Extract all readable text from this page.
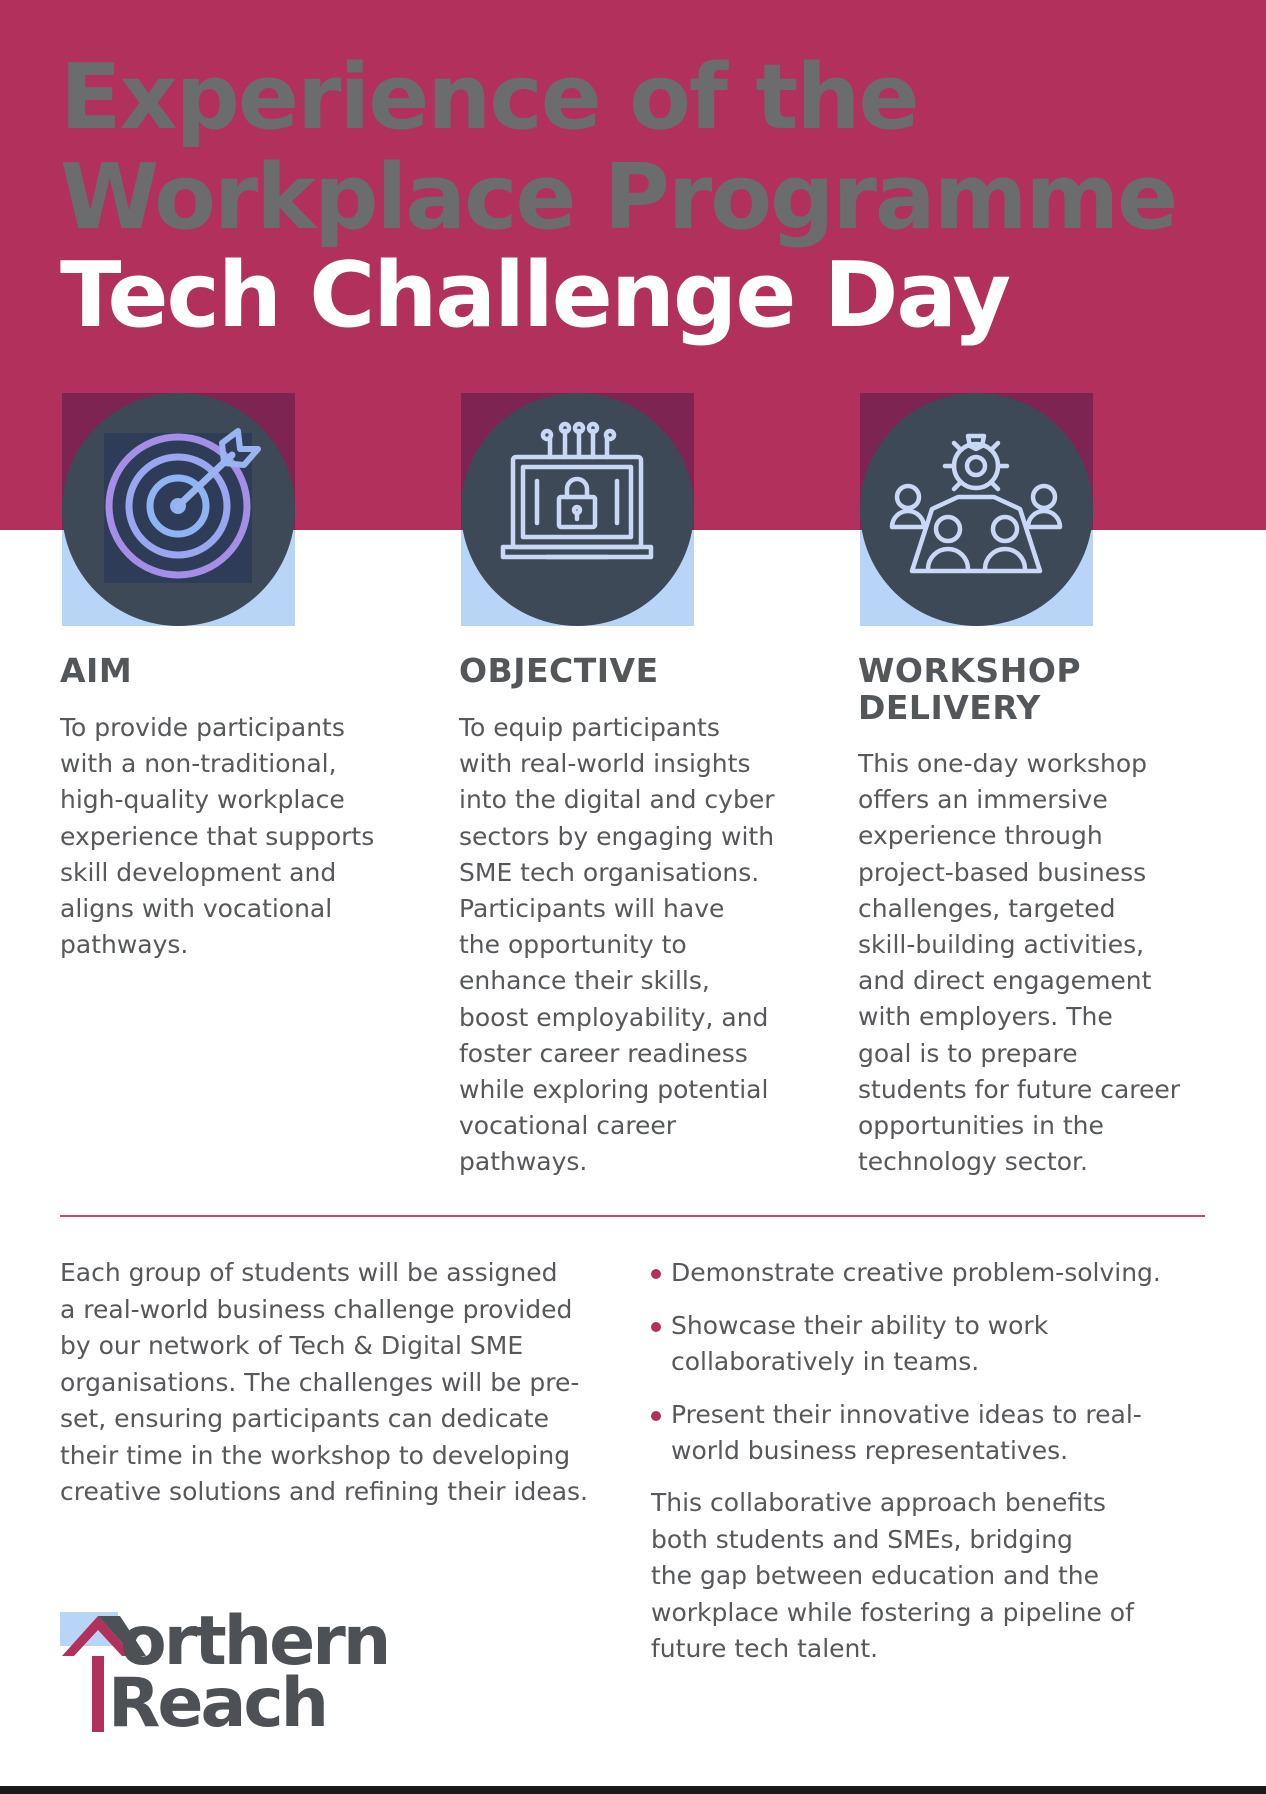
Experience of the
Workplace Programme
Tech Challenge Day
AIM

To provide participants
with a non-traditional,
high-quality workplace
experience that supports
skill development and
aligns with vocational
pathways.

OBJECTIVE

To equip participants
with real-world insights
into the digital and cyber
sectors by engaging with
SME tech organisations.
Participants will have
the opportunity to
enhance their skills,
boost employability, and
foster career readiness
while exploring potential
vocational career
pathways.

WORKSHOP
DELIVERY

This one-day workshop
offers an immersive
experience through
project-based business
challenges, targeted
skill-building activities,
and direct engagement
with employers. The
goal is to prepare
students for future career
opportunities in the
technology sector.

Each group of students will be assigned
a real-world business challenge provided
by our network of Tech & Digital SME
organisations. The challenges will be pre-
set, ensuring participants can dedicate
their time in the workshop to developing
creative solutions and refining their ideas.

Demonstrate creative problem-solving.
Showcase their ability to work
collaboratively in teams.
Present their innovative ideas to real-
world business representatives.

This collaborative approach benefits
both students and SMEs, bridging
the gap between education and the
workplace while fostering a pipeline of
future tech talent.

orthern
Reach
